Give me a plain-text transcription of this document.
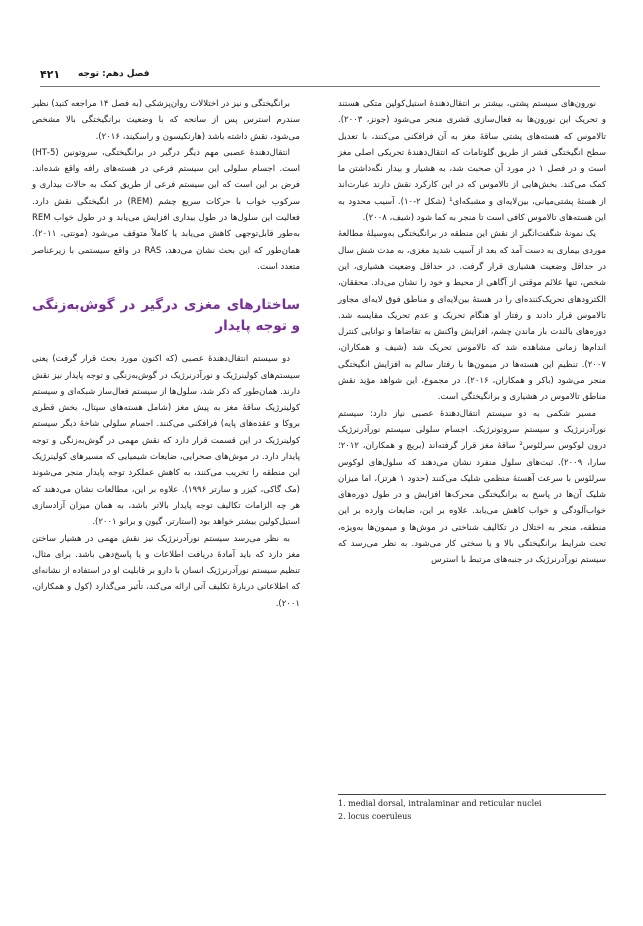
۴۲۱ فصل دهم: توجه

نورون‌های سیستم پشتی، بیشتر بر انتقال‌دهندۀ استیل‌کولین متکی هستند و تحریک این نورون‌ها به فعال‌سازی قشری منجر می‌شود (جونز، ۲۰۰۳). تالاموس که هسته‌های پشتی ساقۀ مغز به آن فرافکنی می‌کنند، با تعدیل سطح انگیختگی قشر از طریق گلوتامات که انتقال‌دهندۀ تحریکی اصلی مغز است و در فصل ۱ در مورد آن صحبت شد، به هشیار و بیدار نگه‌داشتن ما کمک می‌کند. بخش‌هایی از تالاموس که در این کارکرد نقش دارند عبارت‌اند از هستۀ پشتی‌میانی، بین‌لایه‌ای و مشبکه‌ای¹ (شکل ۲-۱۰). آسیب محدود به این هسته‌های تالاموس کافی است تا منجر به کما شود (شیف، ۲۰۰۸).

یک نمونۀ شگفت‌انگیز از نقش این منطقه در برانگیختگی به‌وسیلۀ مطالعۀ موردی بیماری به دست آمد که بعد از آسیب شدید مغزی، به مدت شش سال در حداقل وضعیت هشیاری قرار گرفت. در حداقل وضعیت هشیاری، این شخص، تنها علائم موقتی از آگاهی از محیط و خود را نشان می‌داد. محققان، الکترودهای تحریک‌کننده‌ای را در هستۀ بین‌لایه‌ای و مناطق فوق لایه‌ای مجاور تالاموس قرار دادند و رفتار او هنگام تحریک و عدم تحریک مقایسه شد. دوره‌های بالندت بار ماندن چشم، افزایش واکنش به تقاضاها و توانایی کنترل اندام‌ها زمانی مشاهده شد که تالاموس تحریک شد (شیف و همکاران، ۲۰۰۷). تنظیم این هسته‌ها در میمون‌ها با رفتار سالم به افزایش انگیختگی منجر می‌شود (باکر و همکاران، ۲۰۱۶). در مجموع، این شواهد مؤید نقش مناطق تالاموس در هشیاری و برانگیختگی است.

مسیر شکمی به دو سیستم انتقال‌دهندۀ عصبی نیاز دارد: سیستم نورآدرنرژیک و سیستم سروتونرژیک. اجسام سلولی سیستم نورآدرنرژیک درون لوکوس سرلئوس² ساقۀ مغز قرار گرفته‌اند (بریچ و همکاران، ۲۰۱۲؛ سارا، ۲۰۰۹). ثبت‌های سلول منفرد نشان می‌دهند که سلول‌های لوکوس سرلئوس با سرعت آهستۀ منظمی شلیک می‌کنند (حدود ۱ هرتز)، اما میزان شلیک آن‌ها در پاسخ به برانگیختگی محرک‌ها افزایش و در طول دوره‌های خواب‌آلودگی و خواب کاهش می‌یابد. علاوه بر این، ضایعات وارده بر این منطقه، منجر به اختلال در تکالیف شناختی در موش‌ها و میمون‌ها به‌ویژه، تحت شرایط برانگیختگی بالا و یا سختی کار می‌شود. به نظر می‌رسد که سیستم نورآدرنرژیک در جنبه‌های مرتبط با استرس

برانگیختگی و نیز در اختلالات روان‌پزشکی (به فصل ۱۴ مراجعه کنید) نظیر سندرم استرس پس از سانحه که با وضعیت برانگیختگی بالا مشخص می‌شود، نقش داشته باشد (هارنکیسون و راسکیند، ۲۰۱۶).

انتقال‌دهندۀ عصبی مهم دیگر درگیر در برانگیختگی، سروتونین (5-HT) است. اجسام سلولی این سیستم فرعی در هسته‌های رافه واقع شده‌اند. فرض بر این است که این سیستم فرعی از طریق کمک به حالات بیداری و سرکوب خواب با حرکات سریع چشم (REM) در انگیختگی نقش دارد. فعالیت این سلول‌ها در طول بیداری افزایش می‌یابد و در طول خواب REM به‌طور قابل‌توجهی کاهش می‌یابد یا کاملاً متوقف می‌شود (مونتی، ۲۰۱۱). همان‌طور که این بحث نشان می‌دهد، RAS در واقع سیستمی با زیرعناصر متعدد است.

ساختارهای مغزی درگیر در گوش‌به‌زنگی و توجه پایدار

دو سیستم انتقال‌دهندۀ عصبی (که اکنون مورد بحث قرار گرفت) یعنی سیستم‌های کولینرژیک و نورآدرنرژیک در گوش‌به‌زنگی و توجه پایدار نیز نقش دارند. همان‌طور که ذکر شد، سلول‌ها از سیستم فعال‌ساز شبکه‌ای و سیستم کولینرژیک ساقۀ مغز به پیش مغز (شامل هسته‌های سپتال، بخش قطری بروکا و عقده‌های پایه) فرافکنی می‌کنند. اجسام سلولی شاخۀ دیگر سیستم کولینرژیک در این قسمت قرار دارد که نقش مهمی در گوش‌به‌زنگی و توجه پایدار دارد. در موش‌های صحرایی، ضایعات شیمیایی که مسیرهای کولینرژیک این منطقه را تخریب می‌کنند، به کاهش عملکرد توجه پایدار منجر می‌شوند (مک گاکی، کیزر و سارتر ۱۹۹۶). علاوه بر این، مطالعات نشان می‌دهند که هر چه الزامات تکالیف توجه پایدار بالاتر باشد، به همان میزان آزادسازی استیل‌کولین بیشتر خواهد بود (استارتر، گیون و برانو ۲۰۰۱).

به نظر می‌رسد سیستم نورآدرنرژیک نیز نقش مهمی در هشیار ساختن مغز دارد که باید آمادۀ دریافت اطلاعات و یا پاسخ‌دهی باشد. برای مثال، تنظیم سیستم نورآدرنرژیک انسان با دارو بر قابلیت او در استفاده از نشانه‌ای که اطلاعاتی دربارۀ تکلیف آتی ارائه می‌کند، تأثیر می‌گذارد (کول و همکاران، ۲۰۰۱).

1. medial dorsal, intralaminar and reticular nuclei
2. locus coeruleus
